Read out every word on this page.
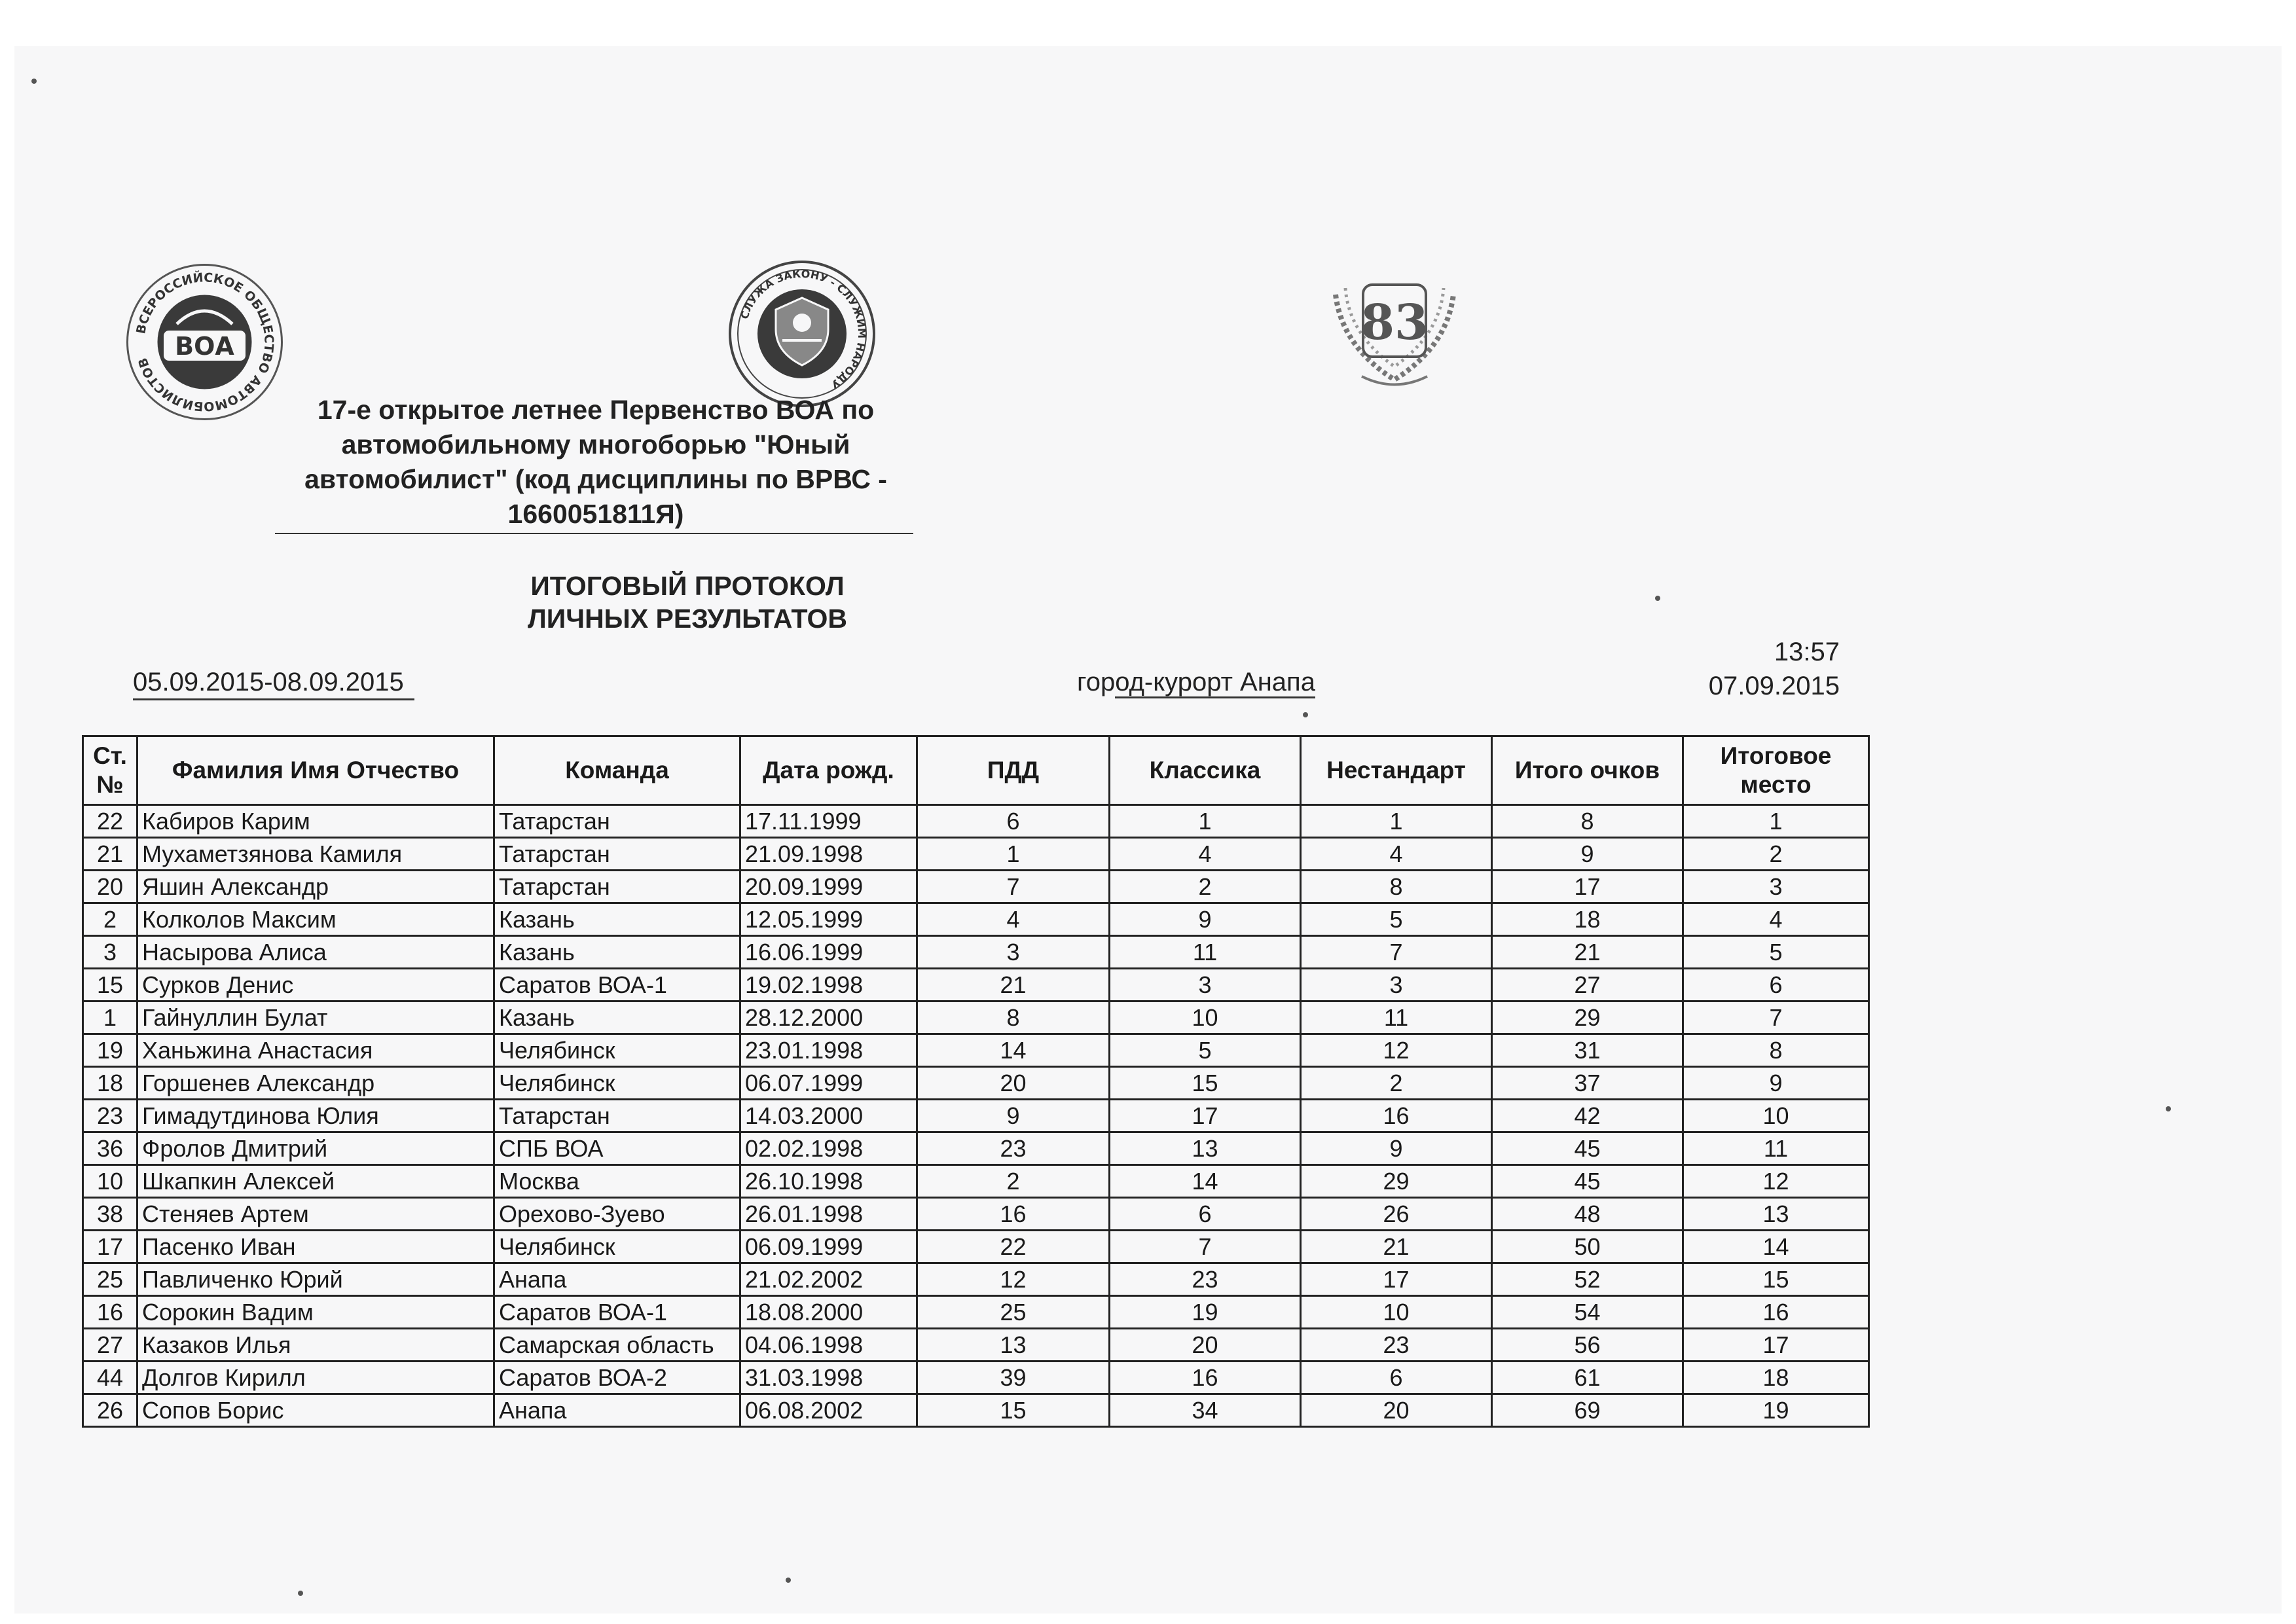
ВСЕРОССИЙСКОЕ ОБЩЕСТВО АВТОМОБИЛИСТОВ
ВОА
СЛУЖА ЗАКОНУ - СЛУЖИМ НАРОДУ
83
17-е открытое летнее Первенство ВОА по автомобильному многоборью "Юный автомобилист" (код дисциплины по ВРВС - 1660051811Я)
ИТОГОВЫЙ ПРОТОКОЛ
ЛИЧНЫХ РЕЗУЛЬТАТОВ
05.09.2015-08.09.2015	город-курорт Анапа
13:57
07.09.2015
Ст. №	Фамилия Имя Отчество	Команда	Дата рожд.	ПДД	Классика	Нестандарт	Итого очков	Итоговое место
22	Кабиров Карим	Татарстан	17.11.1999	6	1	1	8	1
21	Мухаметзянова Камиля	Татарстан	21.09.1998	1	4	4	9	2
20	Яшин Александр	Татарстан	20.09.1999	7	2	8	17	3
2	Колколов Максим	Казань	12.05.1999	4	9	5	18	4
3	Насырова Алиса	Казань	16.06.1999	3	11	7	21	5
15	Сурков Денис	Саратов ВОА-1	19.02.1998	21	3	3	27	6
1	Гайнуллин Булат	Казань	28.12.2000	8	10	11	29	7
19	Ханьжина Анастасия	Челябинск	23.01.1998	14	5	12	31	8
18	Горшенев Александр	Челябинск	06.07.1999	20	15	2	37	9
23	Гимадутдинова Юлия	Татарстан	14.03.2000	9	17	16	42	10
36	Фролов Дмитрий	СПБ ВОА	02.02.1998	23	13	9	45	11
10	Шкапкин Алексей	Москва	26.10.1998	2	14	29	45	12
38	Стеняев Артем	Орехово-Зуево	26.01.1998	16	6	26	48	13
17	Пасенко Иван	Челябинск	06.09.1999	22	7	21	50	14
25	Павличенко Юрий	Анапа	21.02.2002	12	23	17	52	15
16	Сорокин Вадим	Саратов ВОА-1	18.08.2000	25	19	10	54	16
27	Казаков Илья	Самарская область	04.06.1998	13	20	23	56	17
44	Долгов Кирилл	Саратов ВОА-2	31.03.1998	39	16	6	61	18
26	Сопов Борис	Анапа	06.08.2002	15	34	20	69	19
